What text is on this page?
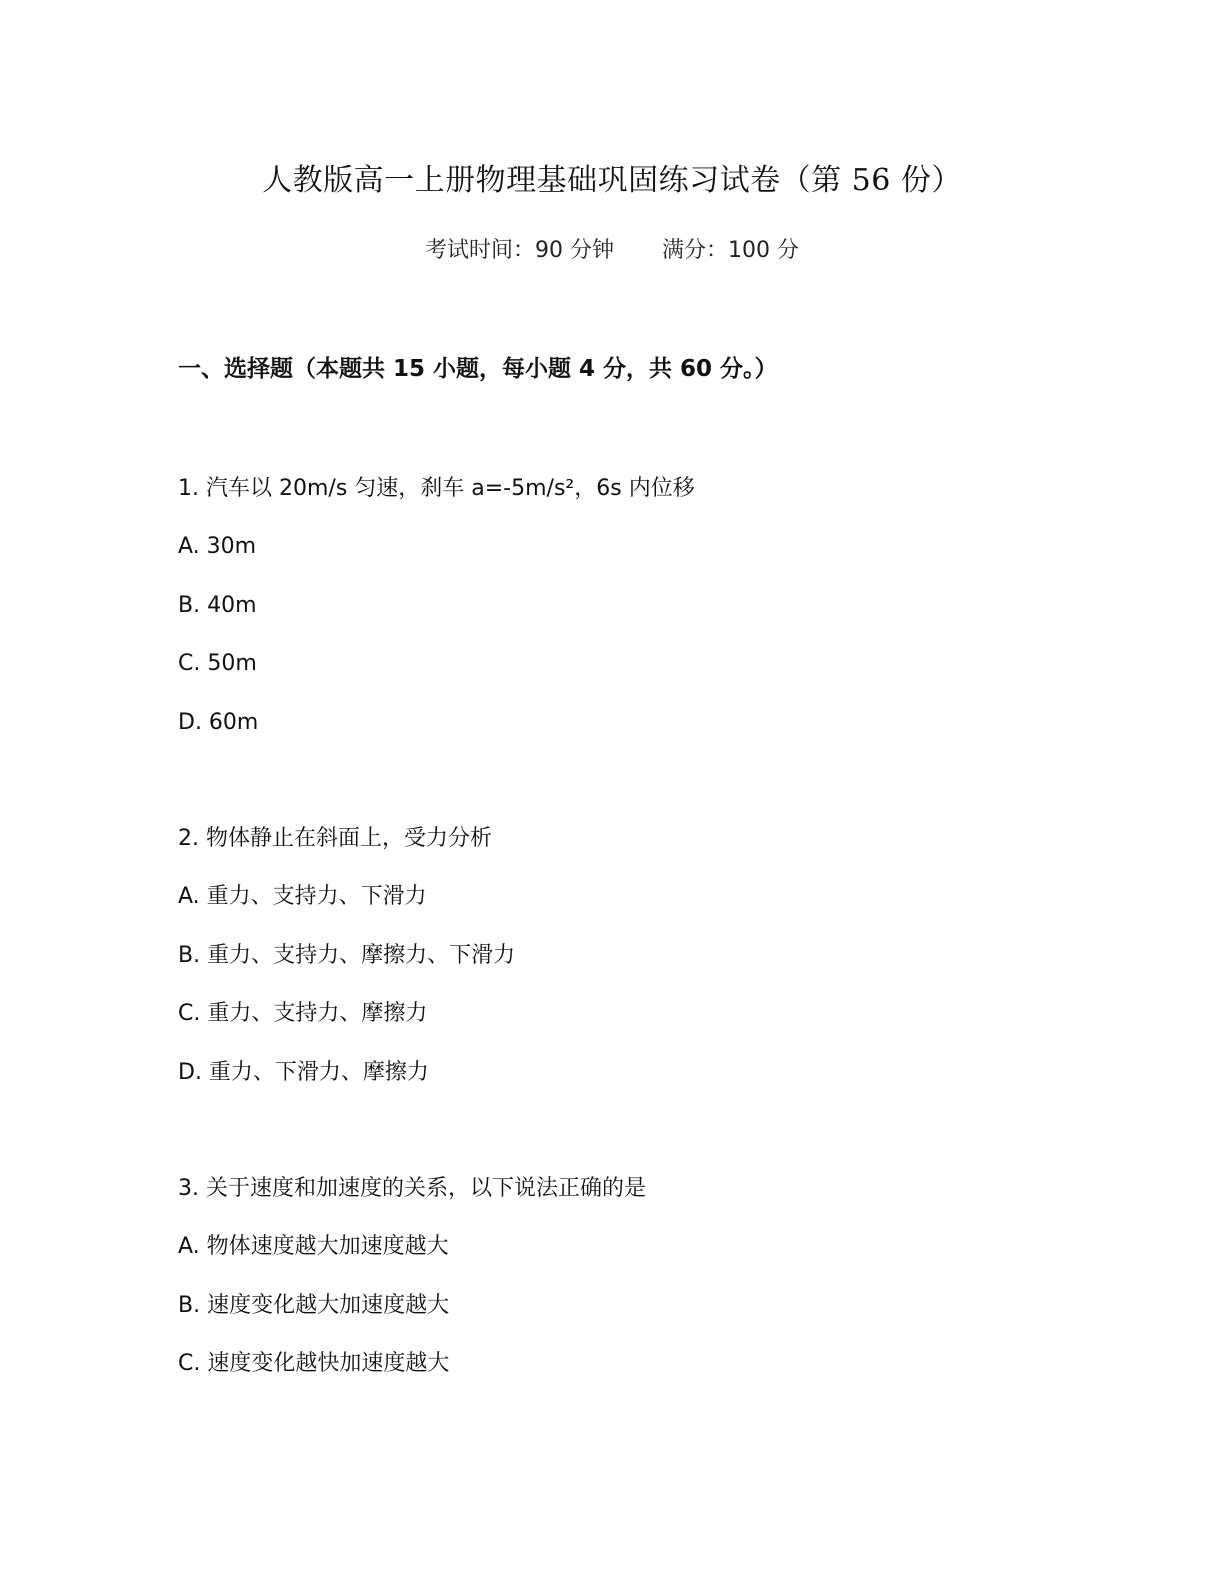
人教版高一上册物理基础巩固练习试卷（第 56 份）
考试时间：90 分钟 满分：100 分
一、选择题（本题共 15 小题，每小题 4 分，共 60 分。）

1. 汽车以 20m/s 匀速，刹车 a=-5m/s²，6s 内位移

A. 30m

B. 40m

C. 50m

D. 60m

2. 物体静止在斜面上，受力分析

A. 重力、支持力、下滑力

B. 重力、支持力、摩擦力、下滑力

C. 重力、支持力、摩擦力

D. 重力、下滑力、摩擦力

3. 关于速度和加速度的关系，以下说法正确的是

A. 物体速度越大加速度越大

B. 速度变化越大加速度越大

C. 速度变化越快加速度越大
